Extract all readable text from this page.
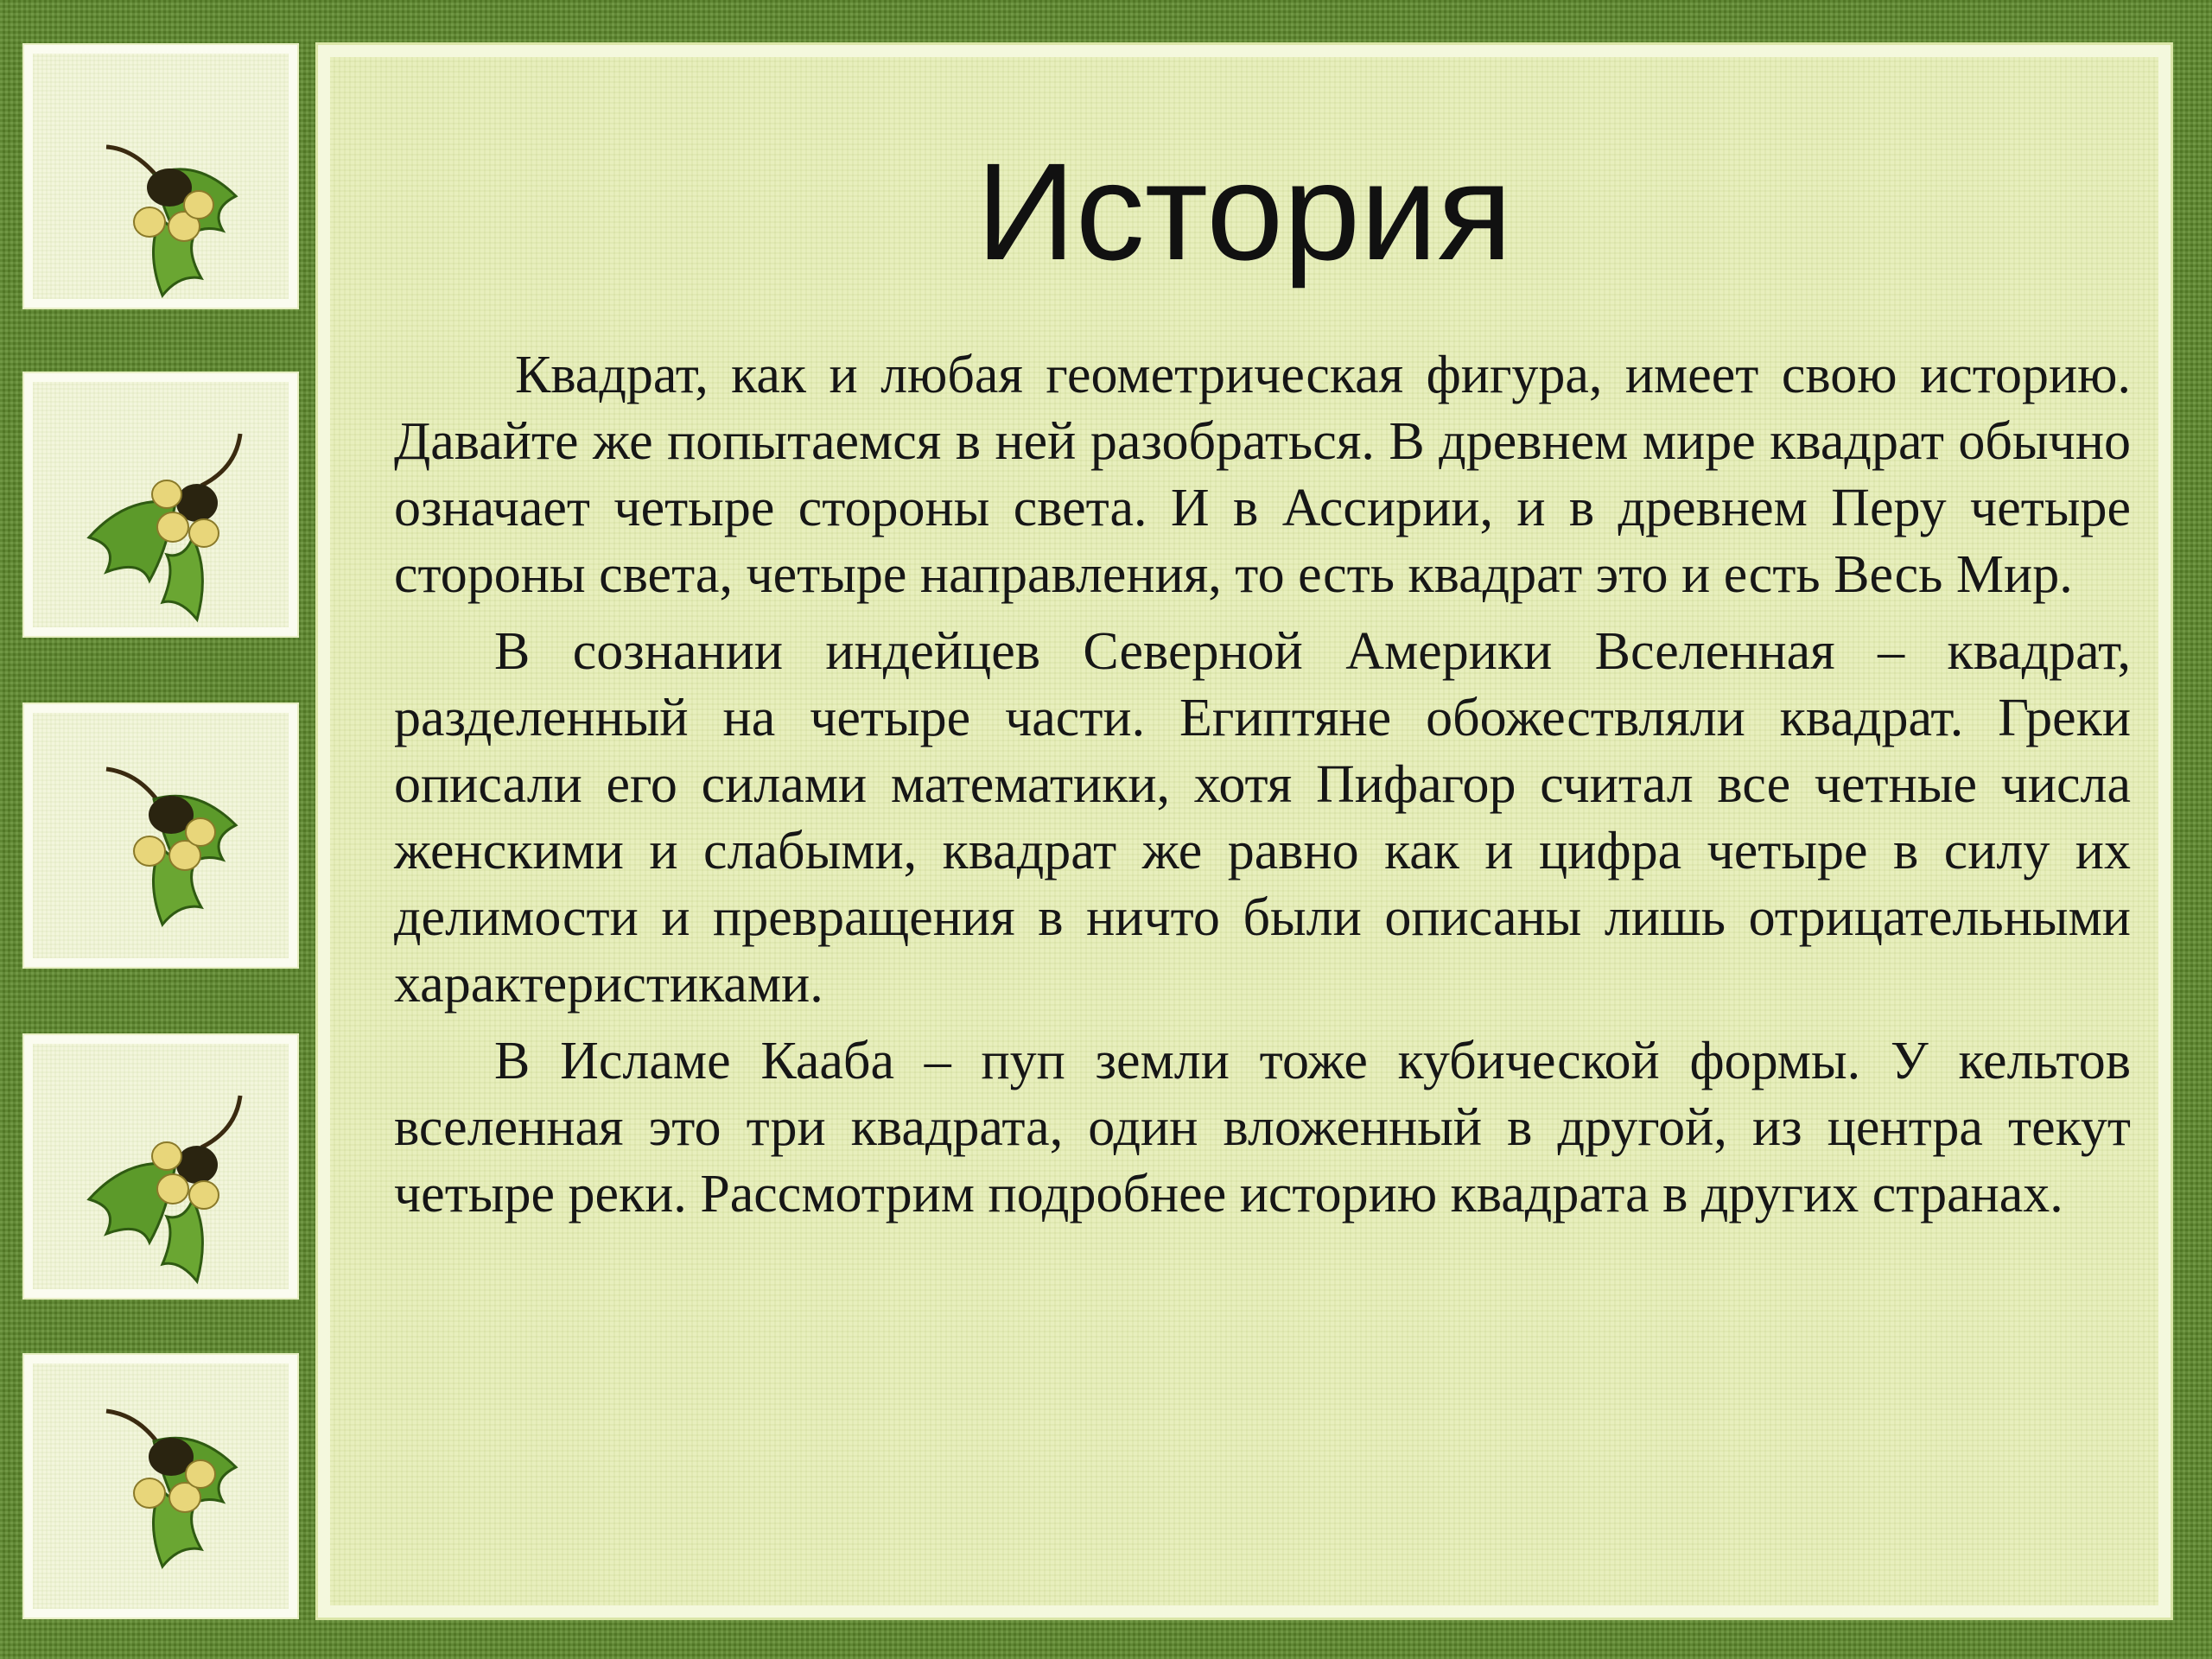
История

Квадрат, как и любая геометрическая фигура, имеет свою историю. Давайте же попытаемся в ней разобраться. В древнем мире квадрат обычно означает четыре стороны света. И в Ассирии, и в древнем Перу четыре стороны света, четыре направления, то есть квадрат это и есть Весь Мир.

В сознании индейцев Северной Америки Вселенная – квадрат, разделенный на четыре части. Египтяне обожествляли квадрат. Греки описали его силами математики, хотя Пифагор считал все четные числа женскими и слабыми, квадрат же равно как и цифра четыре в силу их делимости и превращения в ничто были описаны лишь отрицательными характеристиками.

В Исламе Кааба – пуп земли тоже кубической формы. У кельтов вселенная это три квадрата, один вложенный в другой, из центра текут четыре реки. Рассмотрим подробнее историю квадрата в других странах.
